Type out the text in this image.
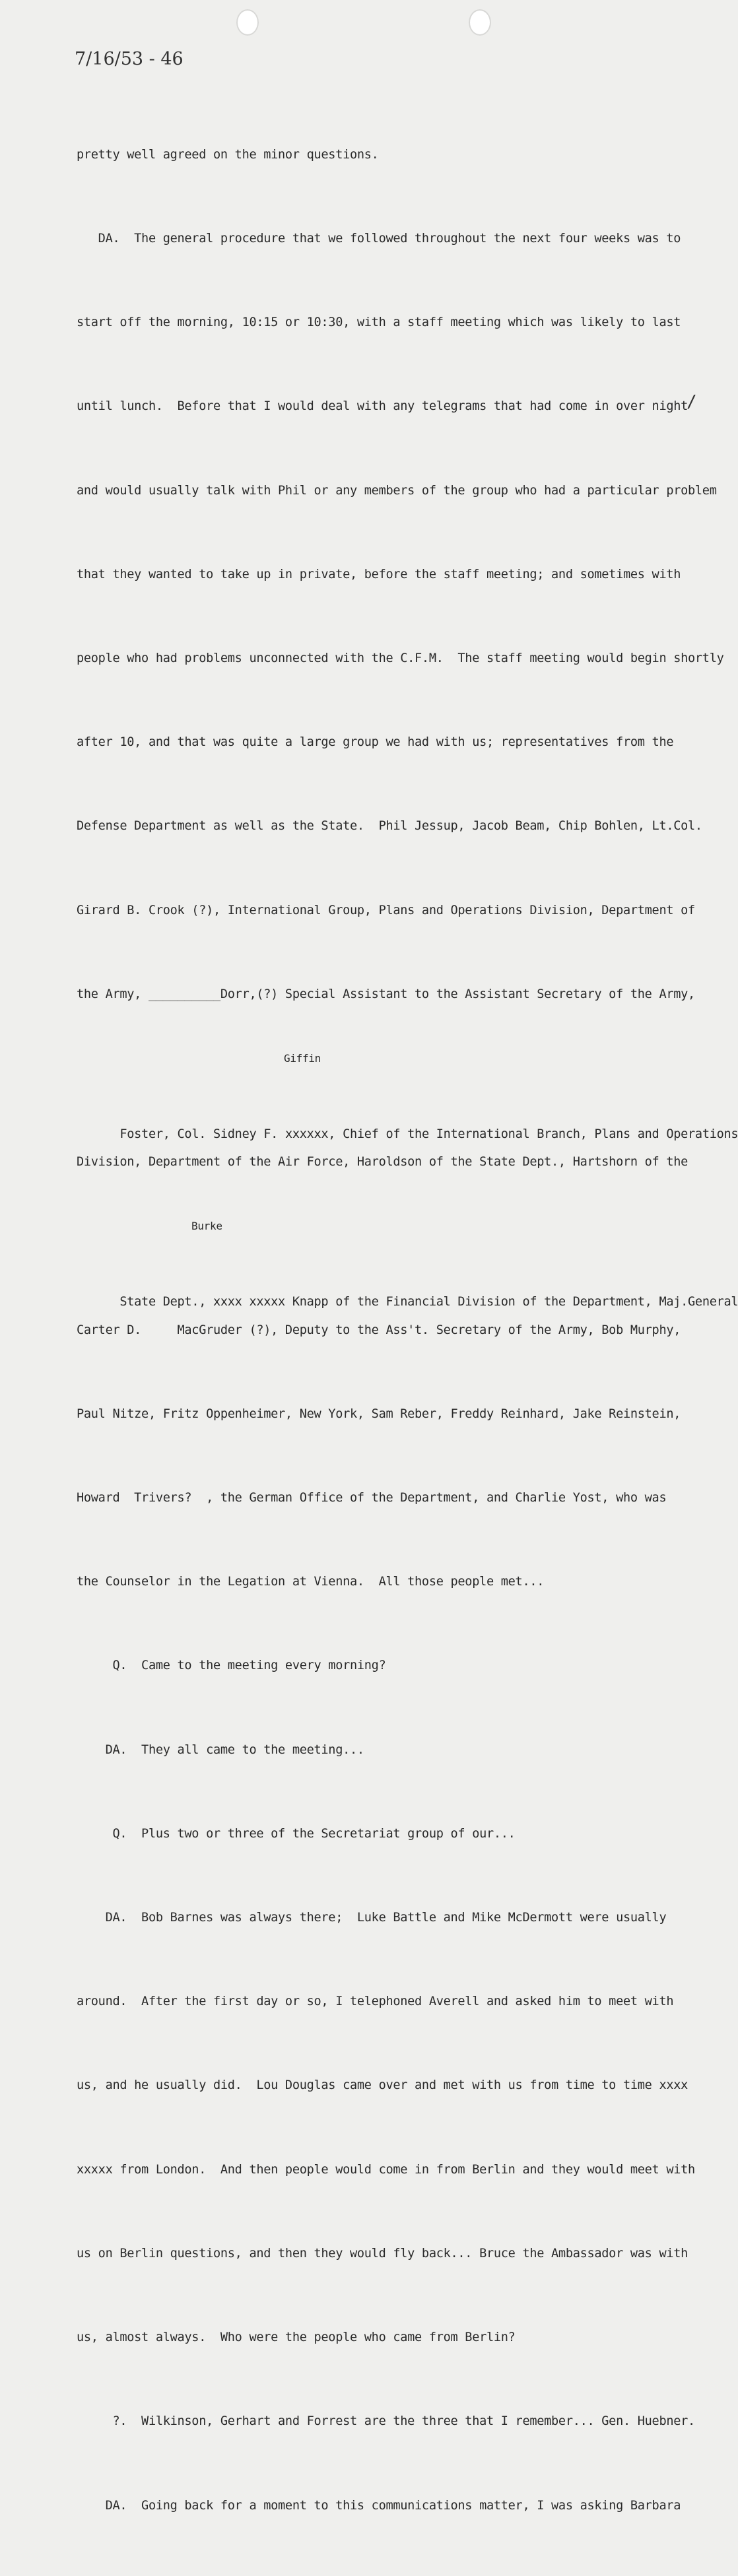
7/16/53 - 46

pretty well agreed on the minor questions.

DA.  The general procedure that we followed throughout the next four weeks was to

start off the morning, 10:15 or 10:30, with a staff meeting which was likely to last

until lunch.  Before that I would deal with any telegrams that had come in over night

and would usually talk with Phil or any members of the group who had a particular problem

that they wanted to take up in private, before the staff meeting; and sometimes with

people who had problems unconnected with the C.F.M.  The staff meeting would begin shortly

after 10, and that was quite a large group we had with us; representatives from the

Defense Department as well as the State.  Phil Jessup, Jacob Beam, Chip Bohlen, Lt.Col.

Girard B. Crook (?), International Group, Plans and Operations Division, Department of

the Army, __________Dorr,(?) Special Assistant to the Assistant Secretary of the Army,

Giffin

Foster, Col. Sidney F. xxxxxx, Chief of the International Branch, Plans and Operations

Division, Department of the Air Force, Haroldson of the State Dept., Hartshorn of the

Burke

State Dept., xxxx xxxxx Knapp of the Financial Division of the Department, Maj.General

Carter D.     MacGruder (?), Deputy to the Ass't. Secretary of the Army, Bob Murphy,

Paul Nitze, Fritz Oppenheimer, New York, Sam Reber, Freddy Reinhard, Jake Reinstein,

Howard  Trivers?  , the German Office of the Department, and Charlie Yost, who was

the Counselor in the Legation at Vienna.  All those people met...

Q.  Came to the meeting every morning?

DA.  They all came to the meeting...

Q.  Plus two or three of the Secretariat group of our...

DA.  Bob Barnes was always there;  Luke Battle and Mike McDermott were usually

around.  After the first day or so, I telephoned Averell and asked him to meet with

us, and he usually did.  Lou Douglas came over and met with us from time to time xxxx

xxxxx from London.  And then people would come in from Berlin and they would meet with

us on Berlin questions, and then they would fly back... Bruce the Ambassador was with

us, almost always.  Who were the people who came from Berlin?

?.  Wilkinson, Gerhart and Forrest are the three that I remember... Gen. Huebner.

DA.  Going back for a moment to this communications matter, I was asking Barbara

/
